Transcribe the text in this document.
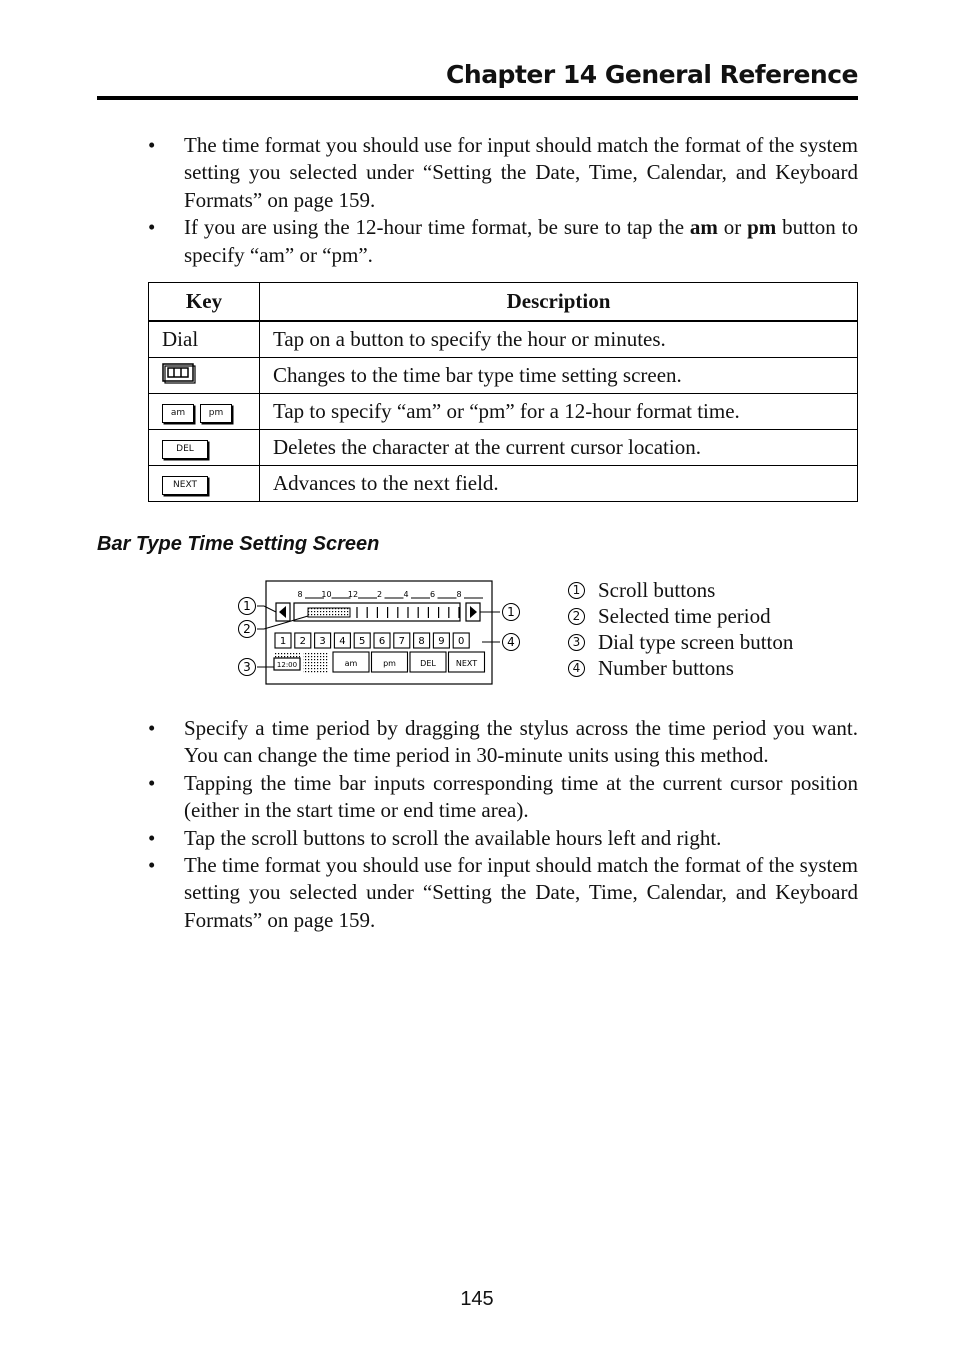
Chapter 14 General Reference
• The time format you should use for input should match the format of the system setting you selected under “Setting the Date, Time, Calendar, and Keyboard Formats” on page 159.
• If you are using the 12-hour time format, be sure to tap the am or pm button to specify “am” or “pm”.
Key	Description
Dial	Tap on a button to specify the hour or minutes.
	Changes to the time bar type time setting screen.
am pm	Tap to specify “am” or “pm” for a 12-hour format time.
DEL	Deletes the character at the current cursor location.
NEXT	Advances to the next field.
Bar Type Time Setting Screen
8 10 12 2	4	6	8
1 2 3 4 5 6 7 8 9 0
12:00	am	pm	DEL	NEXT
1
2
3
1
4
1 Scroll buttons
2 Selected time period
3 Dial type screen button
4 Number buttons
• Specify a time period by dragging the stylus across the time period you want. You can change the time period in 30-minute units using this method.
• Tapping the time bar inputs corresponding time at the current cursor position (either in the start time or end time area).
• Tap the scroll buttons to scroll the available hours left and right.
• The time format you should use for input should match the format of the system setting you selected under “Setting the Date, Time, Calendar, and Keyboard Formats” on page 159.
145
